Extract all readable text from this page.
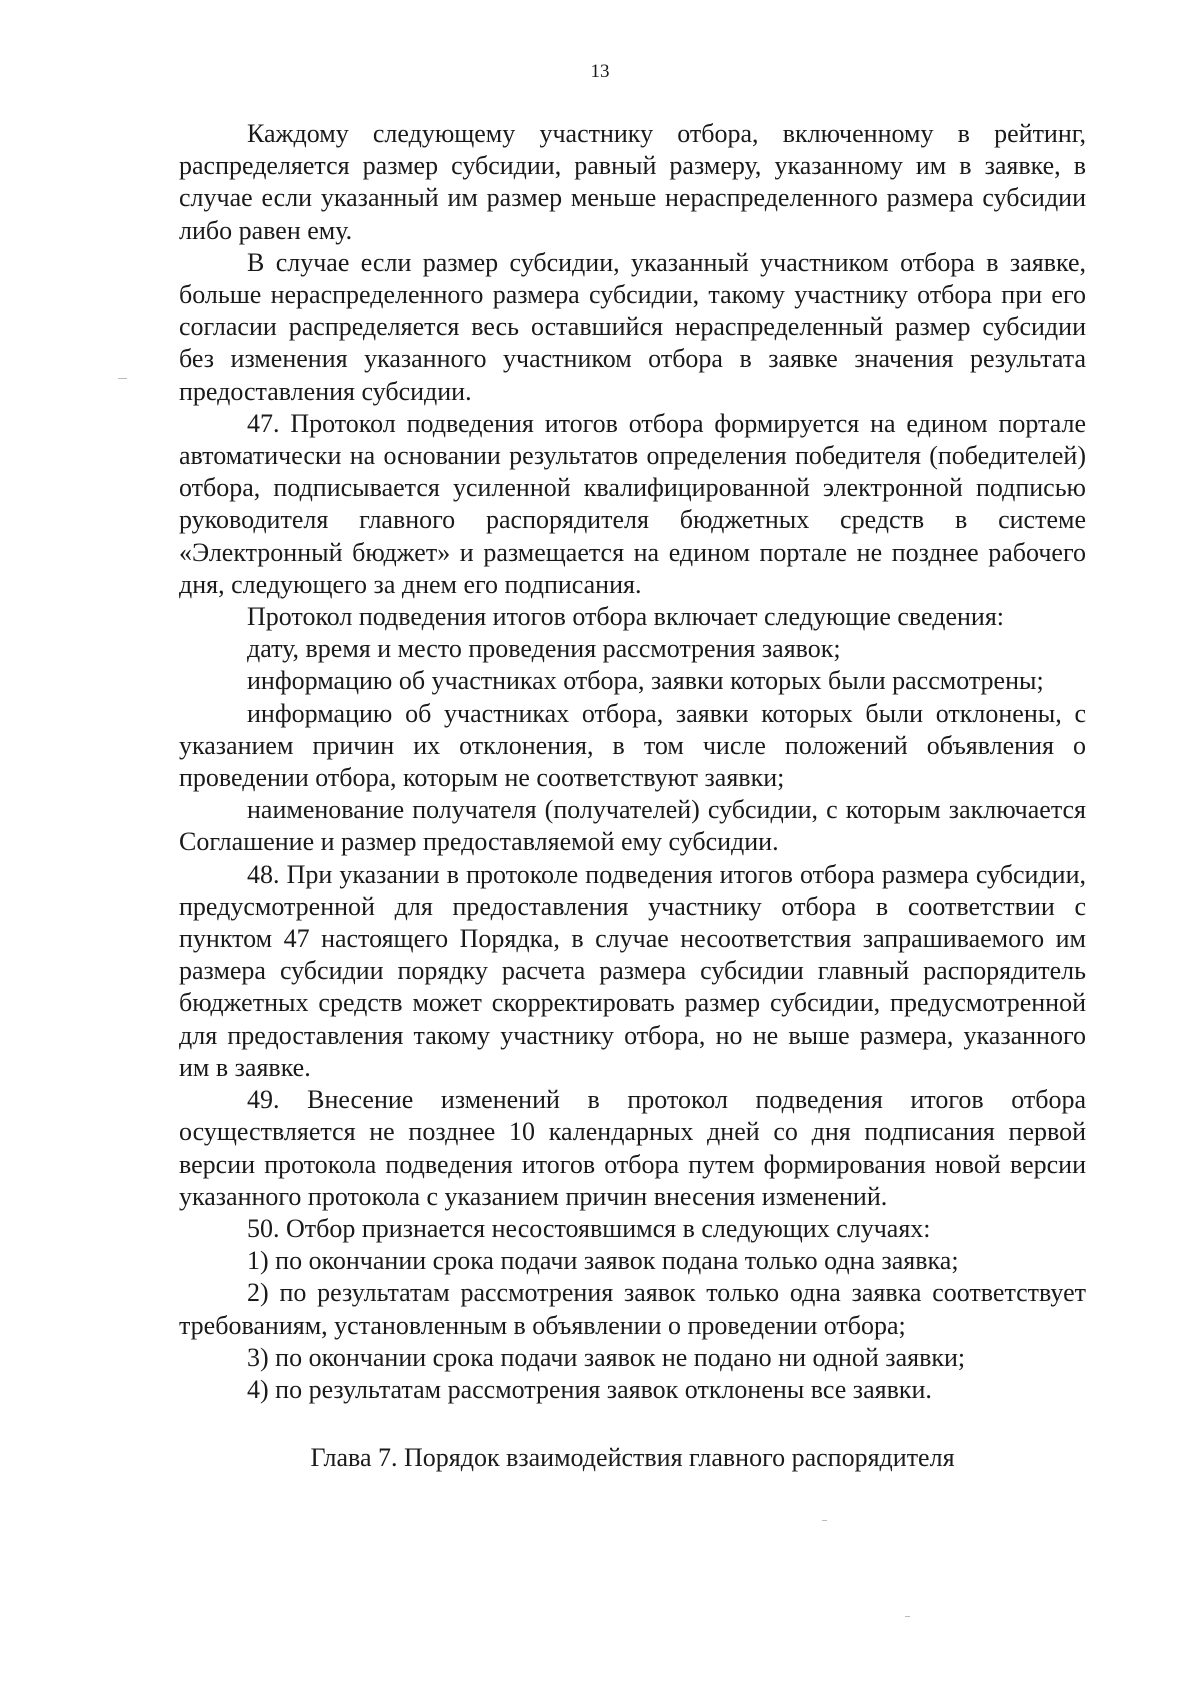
13

Каждому следующему участнику отбора, включенному в рейтинг, распределяется размер субсидии, равный размеру, указанному им в заявке, в случае если указанный им размер меньше нераспределенного размера субсидии либо равен ему.

В случае если размер субсидии, указанный участником отбора в заявке, больше нераспределенного размера субсидии, такому участнику отбора при его согласии распределяется весь оставшийся нераспределенный размер субсидии без изменения указанного участником отбора в заявке значения результата предоставления субсидии.

47. Протокол подведения итогов отбора формируется на едином портале автоматически на основании результатов определения победителя (победителей) отбора, подписывается усиленной квалифицированной электронной подписью руководителя главного распорядителя бюджетных средств в системе «Электронный бюджет» и размещается на едином портале не позднее рабочего дня, следующего за днем его подписания.

Протокол подведения итогов отбора включает следующие сведения:

дату, время и место проведения рассмотрения заявок;

информацию об участниках отбора, заявки которых были рассмотрены;

информацию об участниках отбора, заявки которых были отклонены, с указанием причин их отклонения, в том числе положений объявления о проведении отбора, которым не соответствуют заявки;

наименование получателя (получателей) субсидии, с которым заключается Соглашение и размер предоставляемой ему субсидии.

48. При указании в протоколе подведения итогов отбора размера субсидии, предусмотренной для предоставления участнику отбора в соответствии с пунктом 47 настоящего Порядка, в случае несоответствия запрашиваемого им размера субсидии порядку расчета размера субсидии главный распорядитель бюджетных средств может скорректировать размер субсидии, предусмотренной для предоставления такому участнику отбора, но не выше размера, указанного им в заявке.

49. Внесение изменений в протокол подведения итогов отбора осуществляется не позднее 10 календарных дней со дня подписания первой версии протокола подведения итогов отбора путем формирования новой версии указанного протокола с указанием причин внесения изменений.

50. Отбор признается несостоявшимся в следующих случаях:

1) по окончании срока подачи заявок подана только одна заявка;

2) по результатам рассмотрения заявок только одна заявка соответствует требованиям, установленным в объявлении о проведении отбора;

3) по окончании срока подачи заявок не подано ни одной заявки;

4) по результатам рассмотрения заявок отклонены все заявки.

Глава 7. Порядок взаимодействия главного распорядителя
